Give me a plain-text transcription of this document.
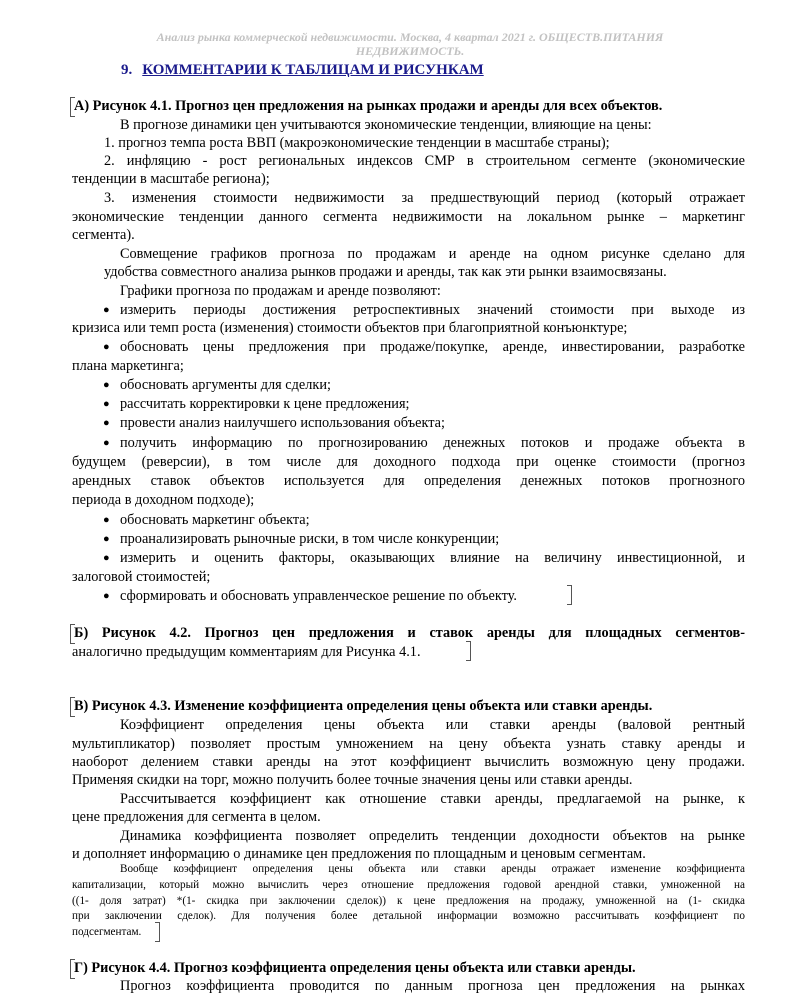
Анализ рынка коммерческой недвижимости. Москва, 4 квартал 2021 г. ОБЩЕСТВ.ПИТАНИЯ
НЕДВИЖИМОСТЬ.
9. КОММЕНТАРИИ К ТАБЛИЦАМ И РИСУНКАМ
А) Рисунок 4.1. Прогноз цен предложения на рынках продажи и аренды для всех объектов.
В прогнозе динамики цен учитываются экономические тенденции, влияющие на цены:
1. прогноз темпа роста ВВП (макроэкономические тенденции в масштабе страны);
2. инфляцию - рост региональных индексов СМР в строительном сегменте (экономические
тенденции в масштабе региона);
3. изменения стоимости недвижимости за предшествующий период (который отражает
экономические тенденции данного сегмента недвижимости на локальном рынке – маркетинг
сегмента).
Совмещение графиков прогноза по продажам и аренде на одном рисунке сделано для
удобства совместного анализа рынков продажи и аренды, так как эти рынки взаимосвязаны.
Графики прогноза по продажам и аренде позволяют:
● измерить периоды достижения ретроспективных значений стоимости при выходе из
кризиса или темп роста (изменения) стоимости объектов при благоприятной конъюнктуре;
● обосновать цены предложения при продаже/покупке, аренде, инвестировании, разработке
плана маркетинга;
● обосновать аргументы для сделки;
● рассчитать корректировки к цене предложения;
● провести анализ наилучшего использования объекта;
● получить информацию по прогнозированию денежных потоков и продаже объекта в
будущем (реверсии), в том числе для доходного подхода при оценке стоимости (прогноз
арендных ставок объектов используется для определения денежных потоков прогнозного
периода в доходном подходе);
● обосновать маркетинг объекта;
● проанализировать рыночные риски, в том числе конкуренции;
● измерить и оценить факторы, оказывающих влияние на величину инвестиционной, и
залоговой стоимостей;
● сформировать и обосновать управленческое решение по объекту.
Б) Рисунок 4.2. Прогноз цен предложения и ставок аренды для площадных сегментов-
аналогично предыдущим комментариям для Рисунка 4.1.
В) Рисунок 4.3. Изменение коэффициента определения цены объекта или ставки аренды.
Коэффициент определения цены объекта или ставки аренды (валовой рентный
мультипликатор) позволяет простым умножением на цену объекта узнать ставку аренды и
наоборот делением ставки аренды на этот коэффициент вычислить возможную цену продажи.
Применяя скидки на торг, можно получить более точные значения цены или ставки аренды.
Рассчитывается коэффициент как отношение ставки аренды, предлагаемой на рынке, к
цене предложения для сегмента в целом.
Динамика коэффициента позволяет определить тенденции доходности объектов на рынке
и дополняет информацию о динамике цен предложения по площадным и ценовым сегментам.
Вообще коэффициент определения цены объекта или ставки аренды отражает изменение коэффициента
капитализации, который можно вычислить через отношение предложения годовой арендной ставки, умноженной на
((1- доля затрат) *(1- скидка при заключении сделок)) к цене предложения на продажу, умноженной на (1- скидка
при заключении сделок). Для получения более детальной информации возможно рассчитывать коэффициент по
подсегментам.
Г) Рисунок 4.4. Прогноз коэффициента определения цены объекта или ставки аренды.
Прогноз коэффициента проводится по данным прогноза цен предложения на рынках
